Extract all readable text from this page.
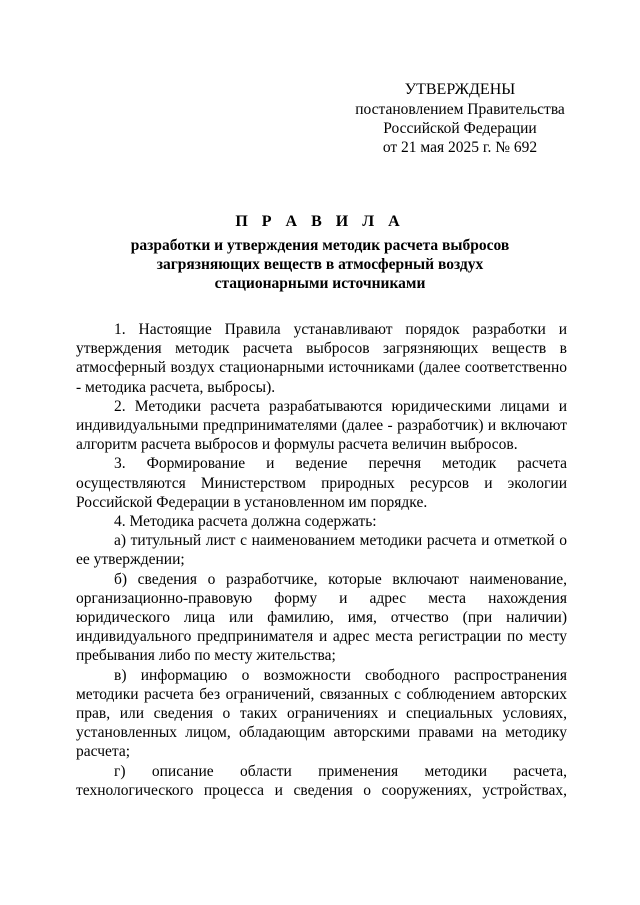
УТВЕРЖДЕНЫ
постановлением Правительства
Российской Федерации
от 21 мая 2025 г. № 692
П Р А В И Л А
разработки и утверждения методик расчета выбросов
загрязняющих веществ в атмосферный воздух
стационарными источниками

1. Настоящие Правила устанавливают порядок разработки и утверждения методик расчета выбросов загрязняющих веществ в атмосферный воздух стационарными источниками (далее соответственно - методика расчета, выбросы).

2. Методики расчета разрабатываются юридическими лицами и индивидуальными предпринимателями (далее - разработчик) и включают алгоритм расчета выбросов и формулы расчета величин выбросов.

3. Формирование и ведение перечня методик расчета осуществляются Министерством природных ресурсов и экологии Российской Федерации в установленном им порядке.

4. Методика расчета должна содержать:

а) титульный лист с наименованием методики расчета и отметкой о ее утверждении;

б) сведения о разработчике, которые включают наименование, организационно-правовую форму и адрес места нахождения юридического лица или фамилию, имя, отчество (при наличии) индивидуального предпринимателя и адрес места регистрации по месту пребывания либо по месту жительства;

в) информацию о возможности свободного распространения методики расчета без ограничений, связанных с соблюдением авторских прав, или сведения о таких ограничениях и специальных условиях, установленных лицом, обладающим авторскими правами на методику расчета;

г) описание области применения методики расчета, технологического процесса и сведения о сооружениях, устройствах,
